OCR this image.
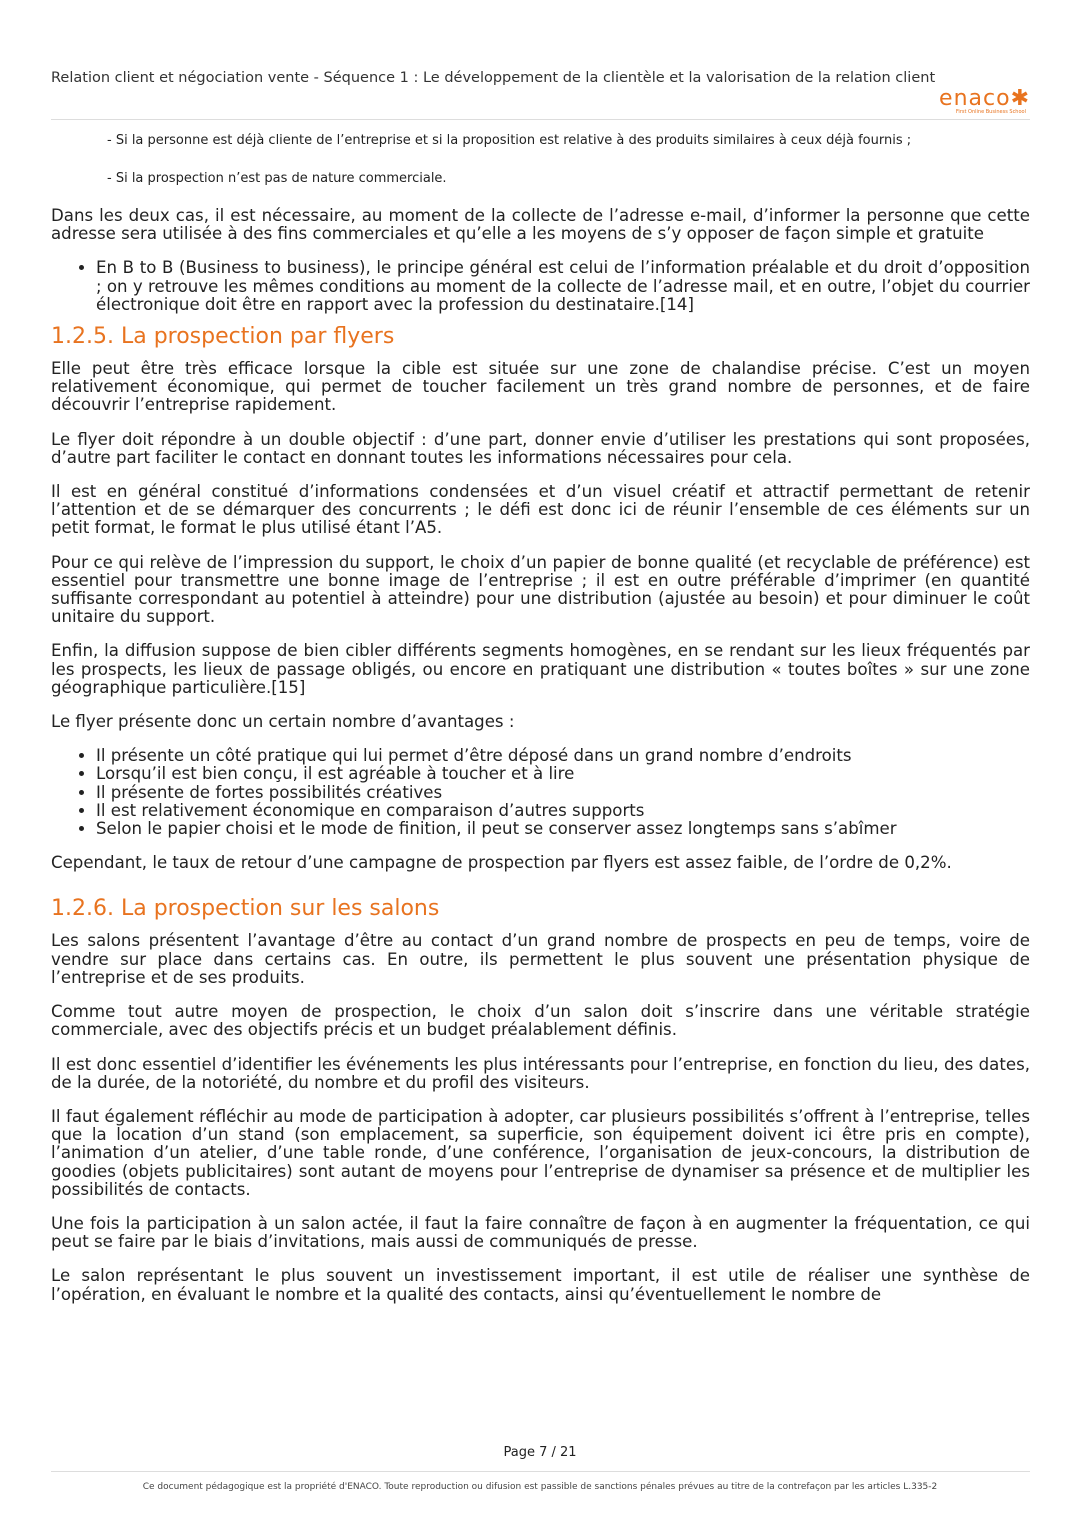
Relation client et négociation vente - Séquence 1 : Le développement de la clientèle et la valorisation de la relation client
enaco✱
First Online Business School
- Si la personne est déjà cliente de l’entreprise et si la proposition est relative à des produits similaires à ceux déjà fournis ;
- Si la prospection n’est pas de nature commerciale.

Dans les deux cas, il est nécessaire, au moment de la collecte de l’adresse e-mail, d’informer la personne que cette adresse sera utilisée à des fins commerciales et qu’elle a les moyens de s’y opposer de façon simple et gratuite

• En B to B (Business to business), le principe général est celui de l’information préalable et du droit d’opposition ; on y retrouve les mêmes conditions au moment de la collecte de l’adresse mail, et en outre, l’objet du courrier électronique doit être en rapport avec la profession du destinataire.[14]
1.2.5. La prospection par flyers

Elle peut être très efficace lorsque la cible est située sur une zone de chalandise précise. C’est un moyen relativement économique, qui permet de toucher facilement un très grand nombre de personnes, et de faire découvrir l’entreprise rapidement.

Le flyer doit répondre à un double objectif : d’une part, donner envie d’utiliser les prestations qui sont proposées, d’autre part faciliter le contact en donnant toutes les informations nécessaires pour cela.

Il est en général constitué d’informations condensées et d’un visuel créatif et attractif permettant de retenir l’attention et de se démarquer des concurrents ; le défi est donc ici de réunir l’ensemble de ces éléments sur un petit format, le format le plus utilisé étant l’A5.

Pour ce qui relève de l’impression du support, le choix d’un papier de bonne qualité (et recyclable de préférence) est essentiel pour transmettre une bonne image de l’entreprise ; il est en outre préférable d’imprimer (en quantité suffisante correspondant au potentiel à atteindre) pour une distribution (ajustée au besoin) et pour diminuer le coût unitaire du support.

Enfin, la diffusion suppose de bien cibler différents segments homogènes, en se rendant sur les lieux fréquentés par les prospects, les lieux de passage obligés, ou encore en pratiquant une distribution « toutes boîtes » sur une zone géographique particulière.[15]

Le flyer présente donc un certain nombre d’avantages :

• Il présente un côté pratique qui lui permet d’être déposé dans un grand nombre d’endroits
• Lorsqu’il est bien conçu, il est agréable à toucher et à lire
• Il présente de fortes possibilités créatives
• Il est relativement économique en comparaison d’autres supports
• Selon le papier choisi et le mode de finition, il peut se conserver assez longtemps sans s’abîmer

Cependant, le taux de retour d’une campagne de prospection par flyers est assez faible, de l’ordre de 0,2%.

1.2.6. La prospection sur les salons

Les salons présentent l’avantage d’être au contact d’un grand nombre de prospects en peu de temps, voire de vendre sur place dans certains cas. En outre, ils permettent le plus souvent une présentation physique de l’entreprise et de ses produits.

Comme tout autre moyen de prospection, le choix d’un salon doit s’inscrire dans une véritable stratégie commerciale, avec des objectifs précis et un budget préalablement définis.

Il est donc essentiel d’identifier les événements les plus intéressants pour l’entreprise, en fonction du lieu, des dates, de la durée, de la notoriété, du nombre et du profil des visiteurs.

Il faut également réfléchir au mode de participation à adopter, car plusieurs possibilités s’offrent à l’entreprise, telles que la location d’un stand (son emplacement, sa superficie, son équipement doivent ici être pris en compte), l’animation d’un atelier, d’une table ronde, d’une conférence, l’organisation de jeux-concours, la distribution de goodies (objets publicitaires) sont autant de moyens pour l’entreprise de dynamiser sa présence et de multiplier les possibilités de contacts.

Une fois la participation à un salon actée, il faut la faire connaître de façon à en augmenter la fréquentation, ce qui peut se faire par le biais d’invitations, mais aussi de communiqués de presse.

Le salon représentant le plus souvent un investissement important, il est utile de réaliser une synthèse de l’opération, en évaluant le nombre et la qualité des contacts, ainsi qu’éventuellement le nombre de

Page 7 / 21
Ce document pédagogique est la propriété d'ENACO. Toute reproduction ou difusion est passible de sanctions pénales prévues au titre de la contrefaçon par les articles L.335-2
